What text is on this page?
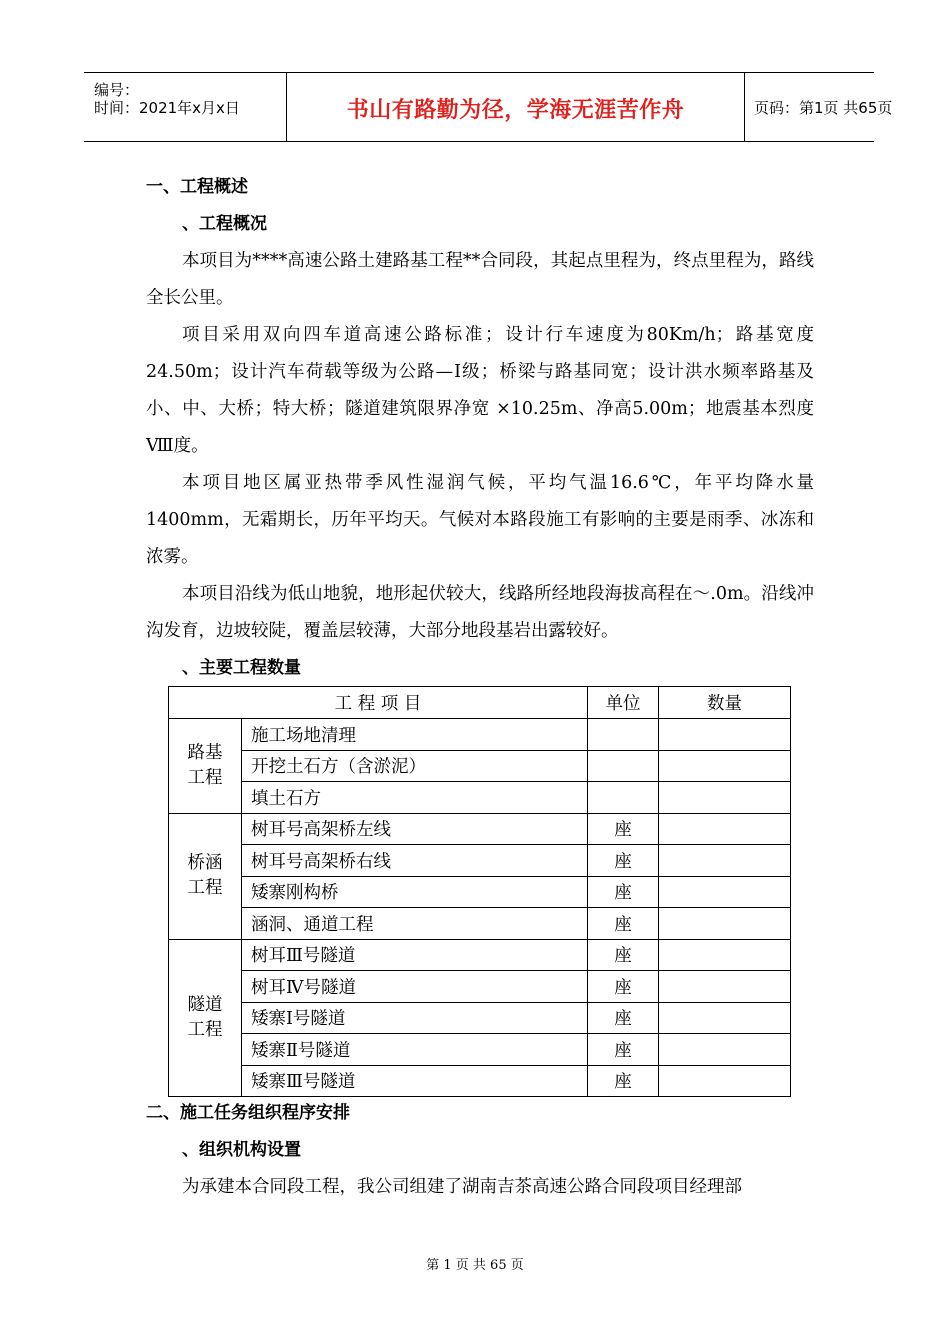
编号：
时间：2021年x月x日	书山有路勤为径，学海无涯苦作舟	页码：第1页 共65页
一、工程概述
、工程概况
本项目为****高速公路土建路基工程**合同段，其起点里程为，终点里程为，路线全长公里。
项目采用双向四车道高速公路标准；设计行车速度为80Km/h；路基宽度24.50m；设计汽车荷载等级为公路—Ⅰ级；桥梁与路基同宽；设计洪水频率路基及小、中、大桥；特大桥；隧道建筑限界净宽 ×10.25m、净高5.00m；地震基本烈度Ⅷ度。
本项目地区属亚热带季风性湿润气候，平均气温16.6℃，年平均降水量1400mm，无霜期长，历年平均天。气候对本路段施工有影响的主要是雨季、冰冻和浓雾。
本项目沿线为低山地貌，地形起伏较大，线路所经地段海拔高程在～.0m。沿线冲沟发育，边坡较陡，覆盖层较薄，大部分地段基岩出露较好。
、主要工程数量
工 程 项 目		单位	数量

路基
工程	施工场地清理		
	开挖土石方（含淤泥）		
	填土石方		

桥涵
工程	树耳号高架桥左线	座	
	树耳号高架桥右线	座	
	矮寨刚构桥	座	
	涵洞、通道工程	座	

隧道
工程	树耳Ⅲ号隧道	座	
	树耳Ⅳ号隧道	座	
	矮寨Ⅰ号隧道	座	
	矮寨Ⅱ号隧道	座	
	矮寨Ⅲ号隧道	座	
二、施工任务组织程序安排
、组织机构设置
为承建本合同段工程，我公司组建了湖南吉茶高速公路合同段项目经理部
第 1 页 共 65 页
